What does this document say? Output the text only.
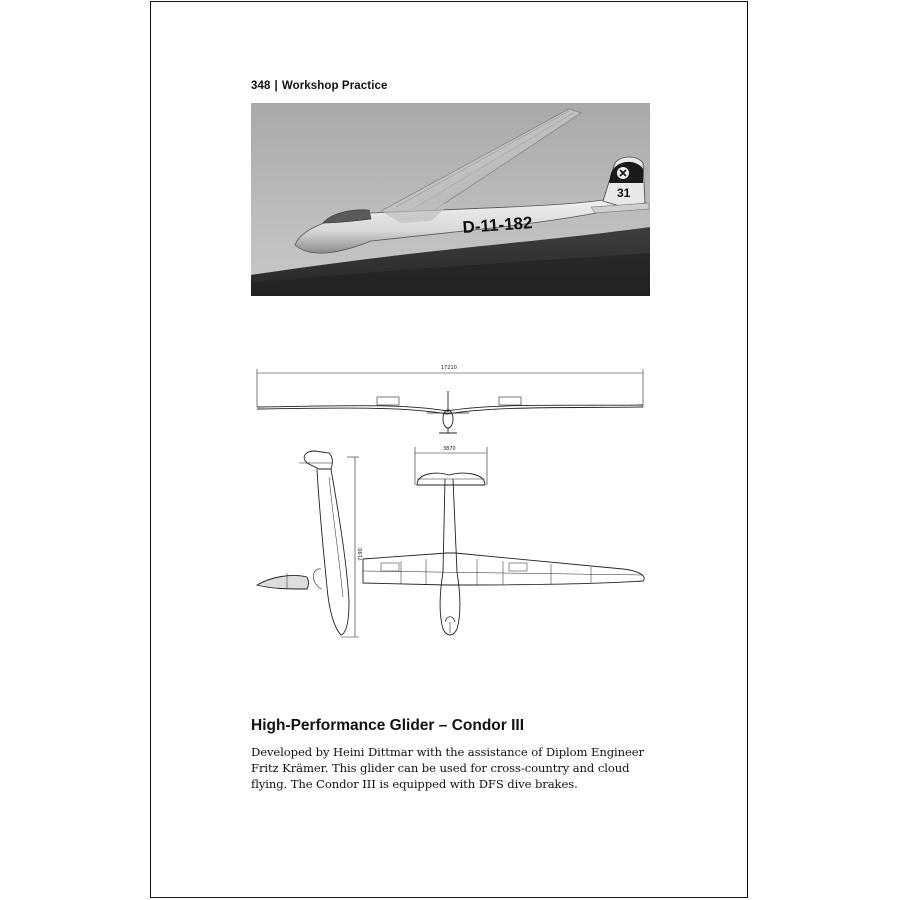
348 | Workshop Practice
D-11-182
31
17210
3870
7190
High-Performance Glider – Condor III

Developed by Heini Dittmar with the assistance of Diplom Engineer Fritz Krämer. This glider can be used for cross-country and cloud flying. The Condor III is equipped with DFS dive brakes.
